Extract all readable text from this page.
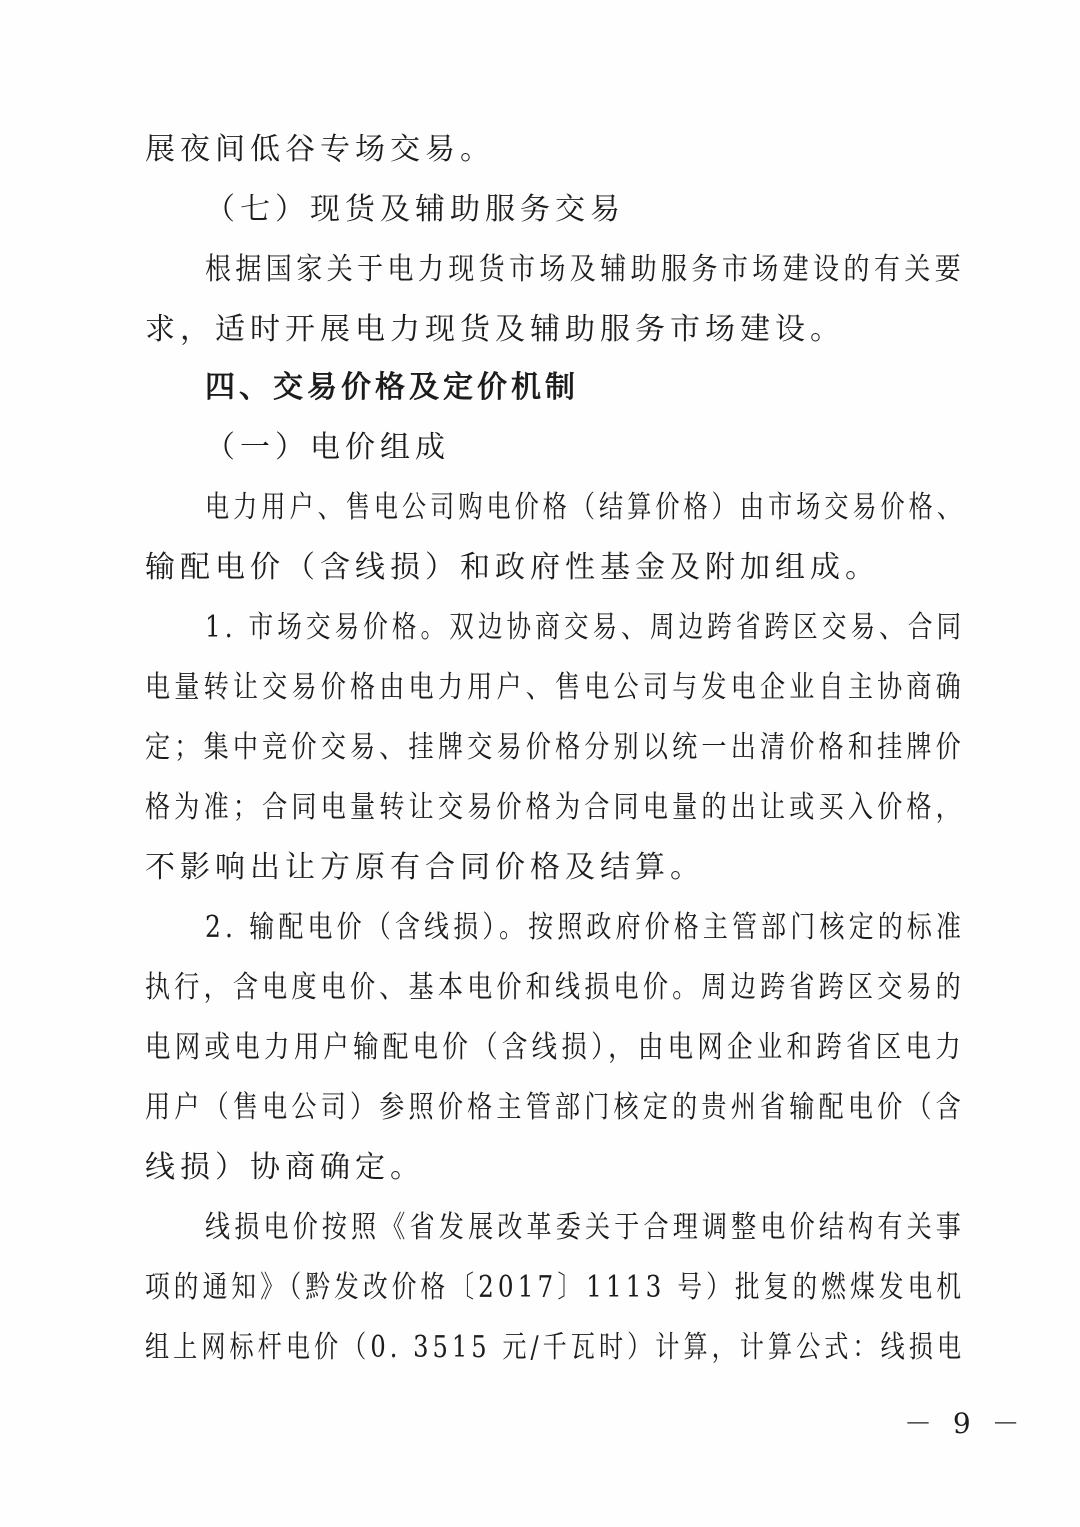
展夜间低谷专场交易。
（七）现货及辅助服务交易
根据国家关于电力现货市场及辅助服务市场建设的有关要
求，适时开展电力现货及辅助服务市场建设。
四、交易价格及定价机制
（一）电价组成
电力用户、售电公司购电价格（结算价格）由市场交易价格、
输配电价（含线损）和政府性基金及附加组成。
1. 市场交易价格。双边协商交易、周边跨省跨区交易、合同
电量转让交易价格由电力用户、售电公司与发电企业自主协商确
定；集中竞价交易、挂牌交易价格分别以统一出清价格和挂牌价
格为准；合同电量转让交易价格为合同电量的出让或买入价格，
不影响出让方原有合同价格及结算。
2. 输配电价（含线损）。按照政府价格主管部门核定的标准
执行，含电度电价、基本电价和线损电价。周边跨省跨区交易的
电网或电力用户输配电价（含线损），由电网企业和跨省区电力
用户（售电公司）参照价格主管部门核定的贵州省输配电价（含
线损）协商确定。
线损电价按照《省发展改革委关于合理调整电价结构有关事
项的通知》（黔发改价格〔2017〕1113 号）批复的燃煤发电机
组上网标杆电价（0. 3515 元/千瓦时）计算，计算公式：线损电
－ 9 －
